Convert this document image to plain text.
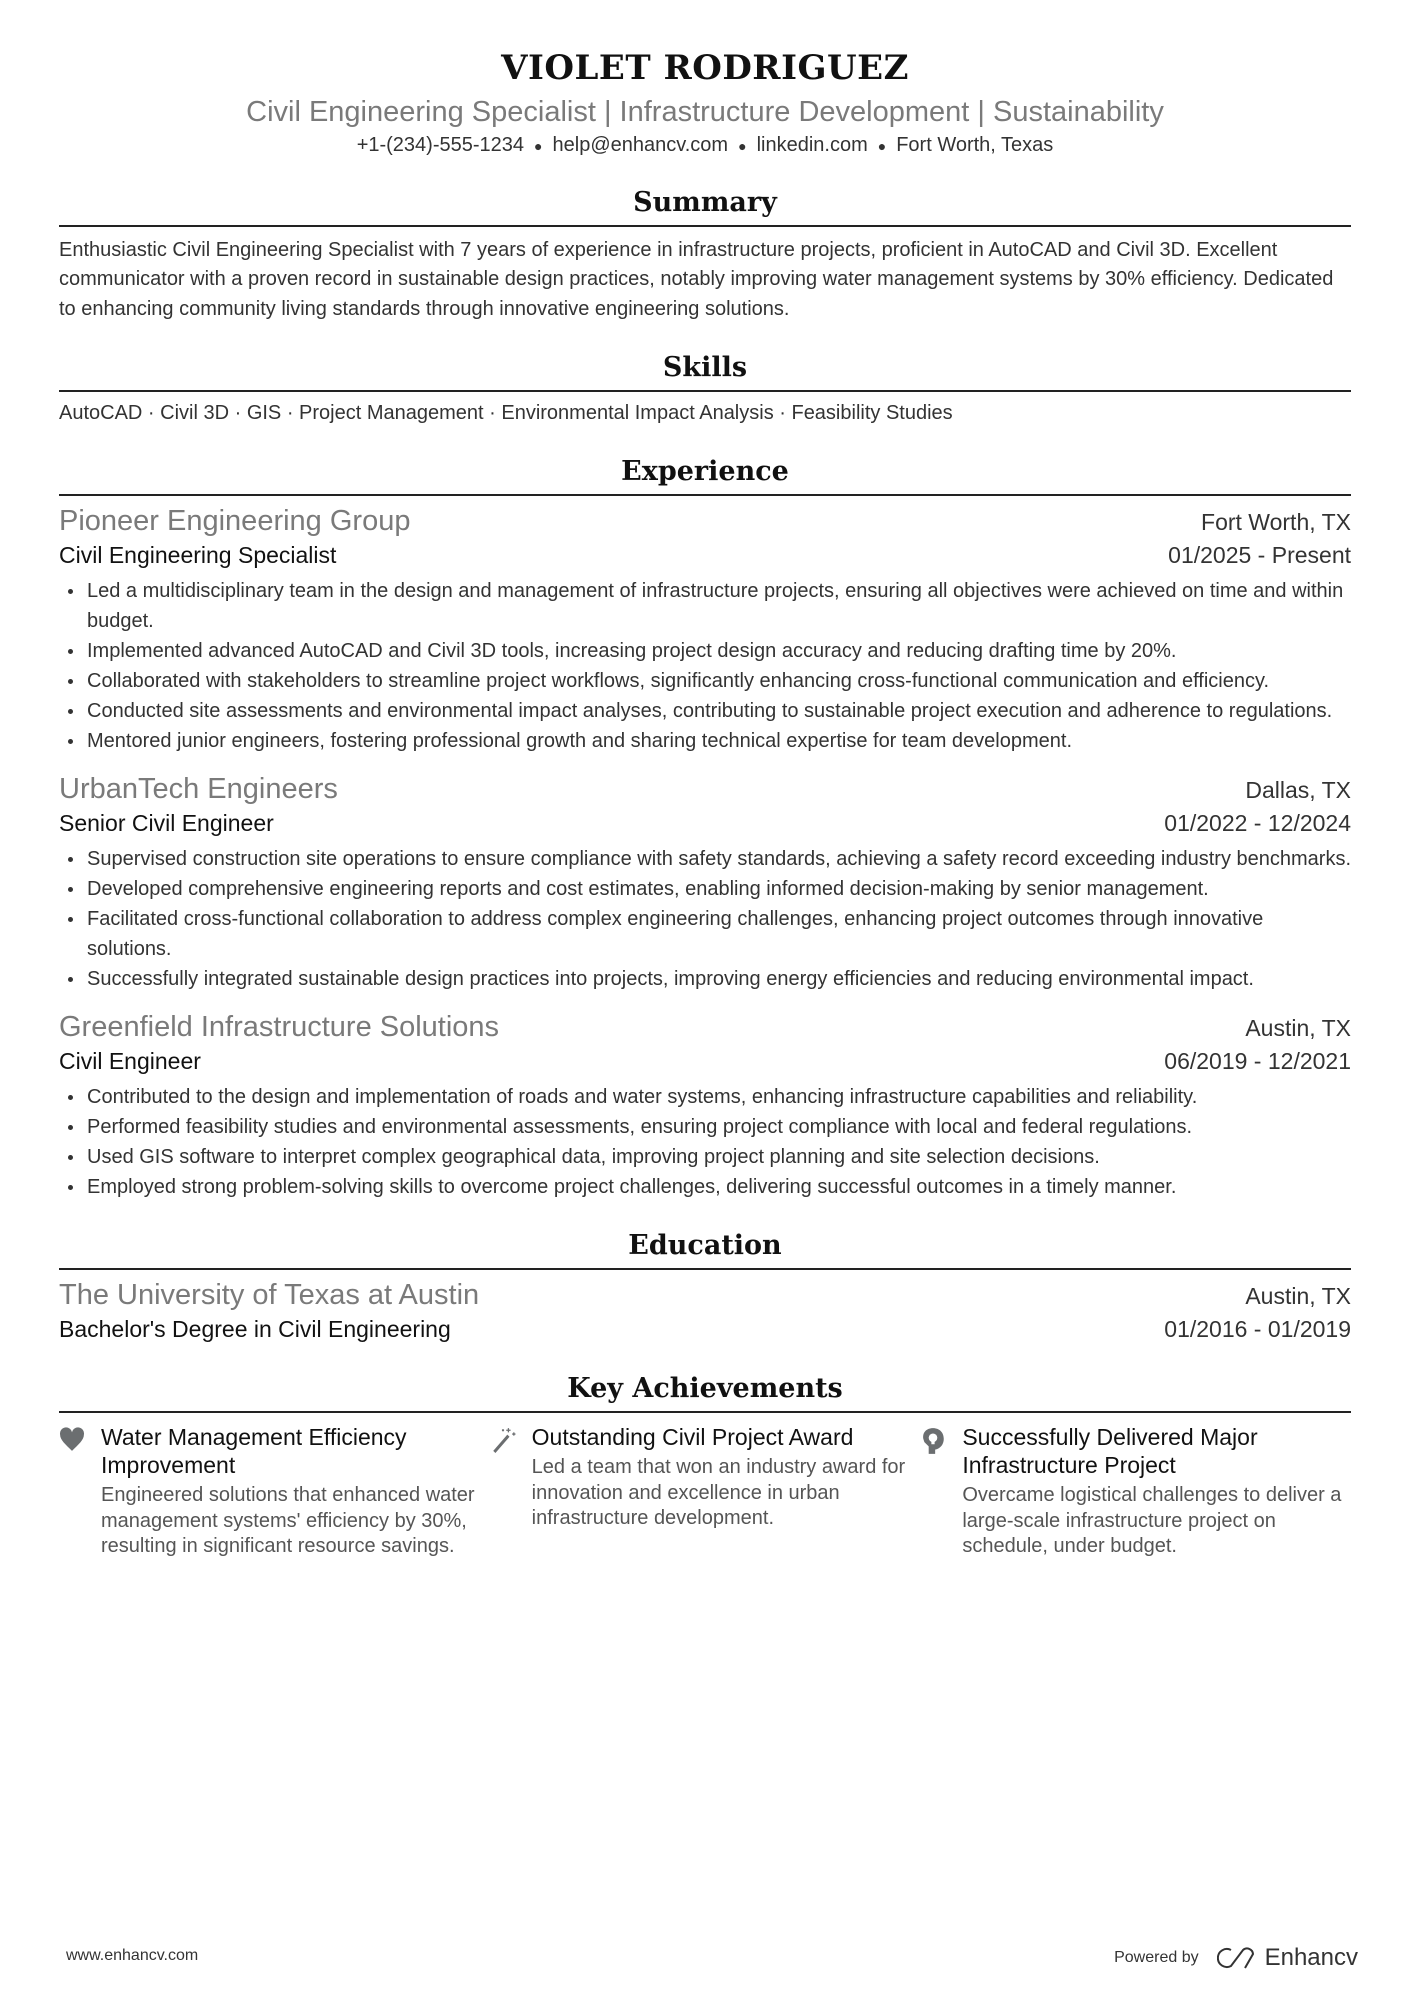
VIOLET RODRIGUEZ
Civil Engineering Specialist | Infrastructure Development | Sustainability
+1-(234)-555-1234 ● help@enhancv.com ● linkedin.com ● Fort Worth, Texas
Summary
Enthusiastic Civil Engineering Specialist with 7 years of experience in infrastructure projects, proficient in AutoCAD and Civil 3D. Excellent communicator with a proven record in sustainable design practices, notably improving water management systems by 30% efficiency. Dedicated to enhancing community living standards through innovative engineering solutions.
Skills
AutoCAD · Civil 3D · GIS · Project Management · Environmental Impact Analysis · Feasibility Studies
Experience
Pioneer Engineering Group	Fort Worth, TX
Civil Engineering Specialist	01/2025 - Present
Led a multidisciplinary team in the design and management of infrastructure projects, ensuring all objectives were achieved on time and within budget.
Implemented advanced AutoCAD and Civil 3D tools, increasing project design accuracy and reducing drafting time by 20%.
Collaborated with stakeholders to streamline project workflows, significantly enhancing cross-functional communication and efficiency.
Conducted site assessments and environmental impact analyses, contributing to sustainable project execution and adherence to regulations.
Mentored junior engineers, fostering professional growth and sharing technical expertise for team development.
UrbanTech Engineers	Dallas, TX
Senior Civil Engineer	01/2022 - 12/2024
Supervised construction site operations to ensure compliance with safety standards, achieving a safety record exceeding industry benchmarks.
Developed comprehensive engineering reports and cost estimates, enabling informed decision-making by senior management.
Facilitated cross-functional collaboration to address complex engineering challenges, enhancing project outcomes through innovative solutions.
Successfully integrated sustainable design practices into projects, improving energy efficiencies and reducing environmental impact.
Greenfield Infrastructure Solutions	Austin, TX
Civil Engineer	06/2019 - 12/2021
Contributed to the design and implementation of roads and water systems, enhancing infrastructure capabilities and reliability.
Performed feasibility studies and environmental assessments, ensuring project compliance with local and federal regulations.
Used GIS software to interpret complex geographical data, improving project planning and site selection decisions.
Employed strong problem-solving skills to overcome project challenges, delivering successful outcomes in a timely manner.
Education
The University of Texas at Austin	Austin, TX
Bachelor's Degree in Civil Engineering	01/2016 - 01/2019
Key Achievements
Water Management Efficiency Improvement
Engineered solutions that enhanced water management systems' efficiency by 30%, resulting in significant resource savings.
Outstanding Civil Project Award
Led a team that won an industry award for innovation and excellence in urban infrastructure development.
Successfully Delivered Major Infrastructure Project
Overcame logistical challenges to deliver a large-scale infrastructure project on schedule, under budget.
www.enhancv.com	Powered by	Enhancv
